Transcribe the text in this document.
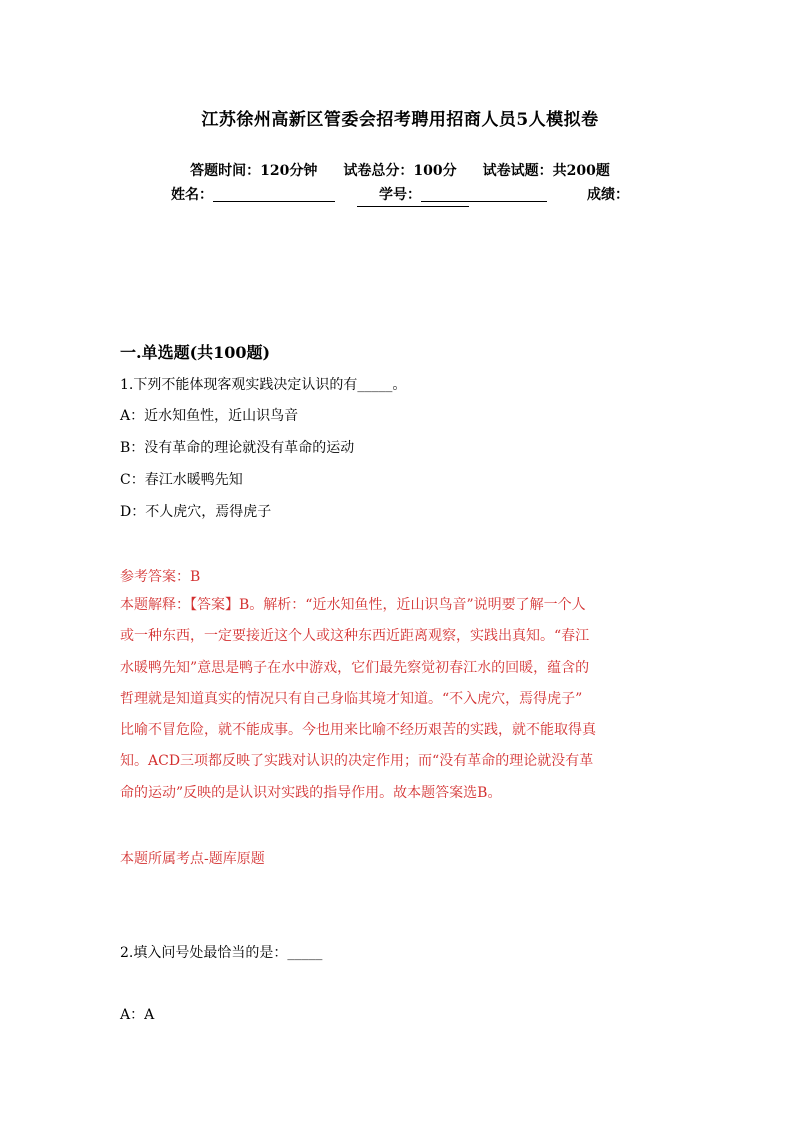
江苏徐州高新区管委会招考聘用招商人员5人模拟卷
答题时间：120分钟 试卷总分：100分 试卷试题：共200题
姓名：	学号：	成绩：
一.单选题(共100题)
1.下列不能体现客观实践决定认识的有_____。
A：近水知鱼性，近山识鸟音
B：没有革命的理论就没有革命的运动
C：春江水暖鸭先知
D：不人虎穴，焉得虎子
参考答案：B
本题解释：【答案】B。解析：“近水知鱼性，近山识鸟音”说明要了解一个人
或一种东西，一定要接近这个人或这种东西近距离观察，实践出真知。“春江
水暖鸭先知”意思是鸭子在水中游戏，它们最先察觉初春江水的回暖，蕴含的
哲理就是知道真实的情况只有自己身临其境才知道。“不入虎穴，焉得虎子”
比喻不冒危险，就不能成事。今也用来比喻不经历艰苦的实践，就不能取得真
知。ACD三项都反映了实践对认识的决定作用；而“没有革命的理论就没有革
命的运动”反映的是认识对实践的指导作用。故本题答案选B。
本题所属考点-题库原题
2.填入问号处最恰当的是：_____
A：A
